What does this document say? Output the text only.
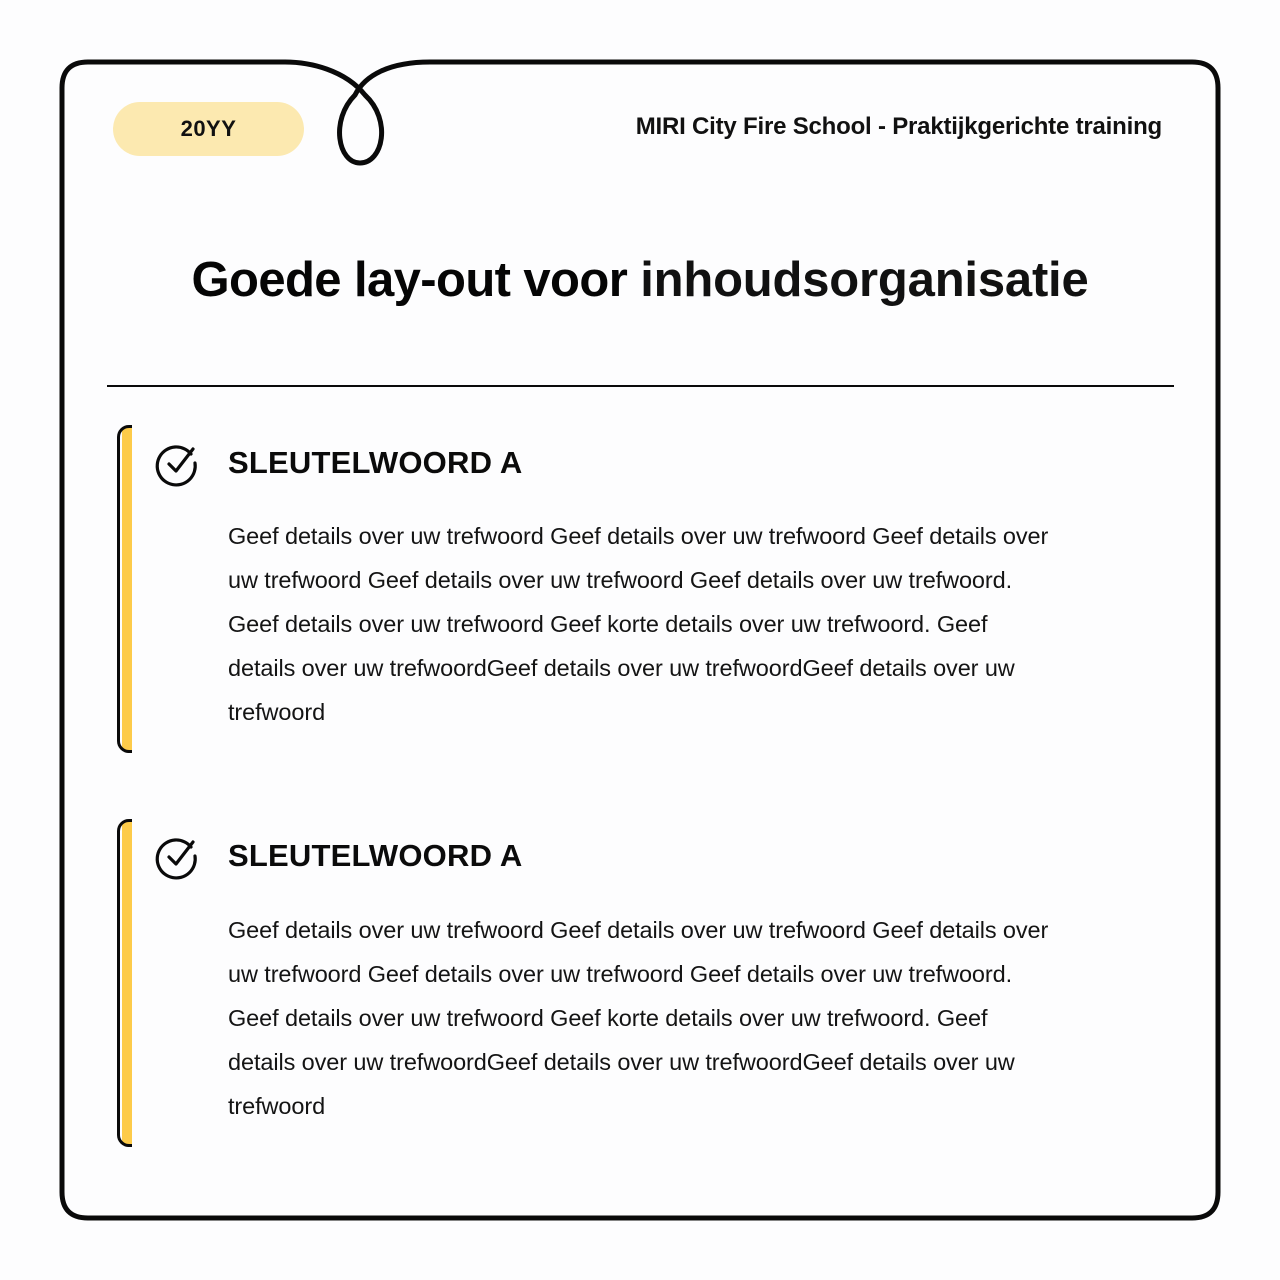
20YY	MIRI City Fire School - Praktijkgerichte training
Goede lay-out voor inhoudsorganisatie
SLEUTELWOORD A
Geef details over uw trefwoord Geef details over uw trefwoord Geef details over
uw trefwoord Geef details over uw trefwoord Geef details over uw trefwoord.
Geef details over uw trefwoord Geef korte details over uw trefwoord. Geef
details over uw trefwoordGeef details over uw trefwoordGeef details over uw
trefwoord
SLEUTELWOORD A
Geef details over uw trefwoord Geef details over uw trefwoord Geef details over
uw trefwoord Geef details over uw trefwoord Geef details over uw trefwoord.
Geef details over uw trefwoord Geef korte details over uw trefwoord. Geef
details over uw trefwoordGeef details over uw trefwoordGeef details over uw
trefwoord
